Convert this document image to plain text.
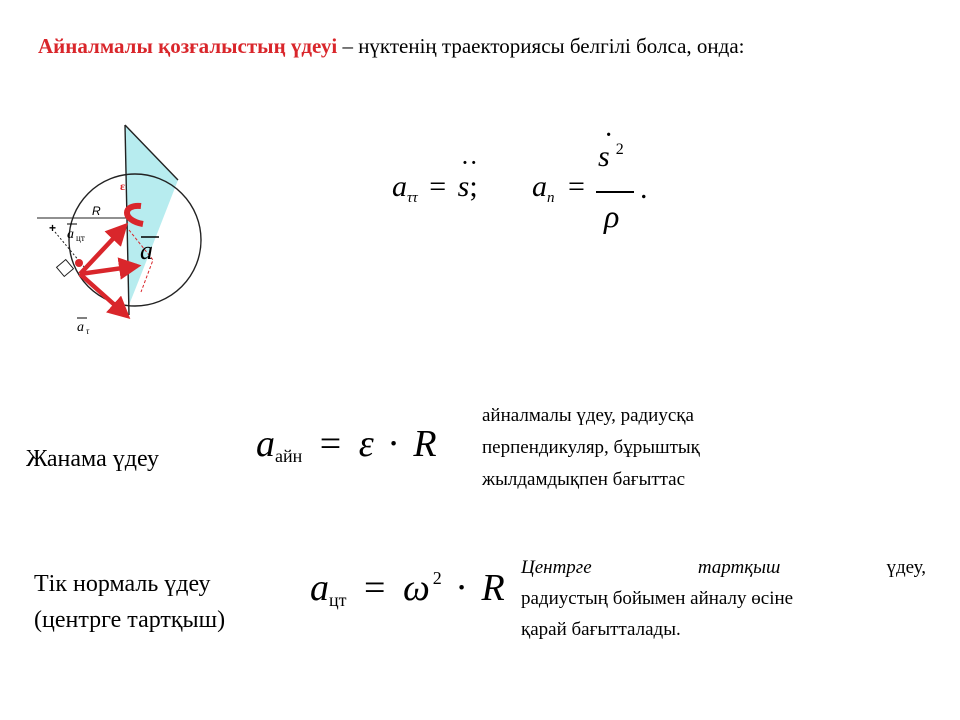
Айналмалы қозғалыстың үдеуі – нүктенің траекториясы белгілі болса, онда:
ε
R
+ a цт a
a τ
$a_{\tau\tau}$ =
··
s; $a_n$ =
·
s $^2$
ρ
.
Жанама үдеу	aайн = ε · R
айналмалы үдеу, радиусқа
перпендикуляр, бұрыштық
жылдамдықпен бағыттас
Тік нормаль үдеу
(центрге тартқыш)
aцт = ω $^2$ · R Центрге	тартқыш	үдеу,
радиустың бойымен айналу өсіне
қарай бағытталады.
